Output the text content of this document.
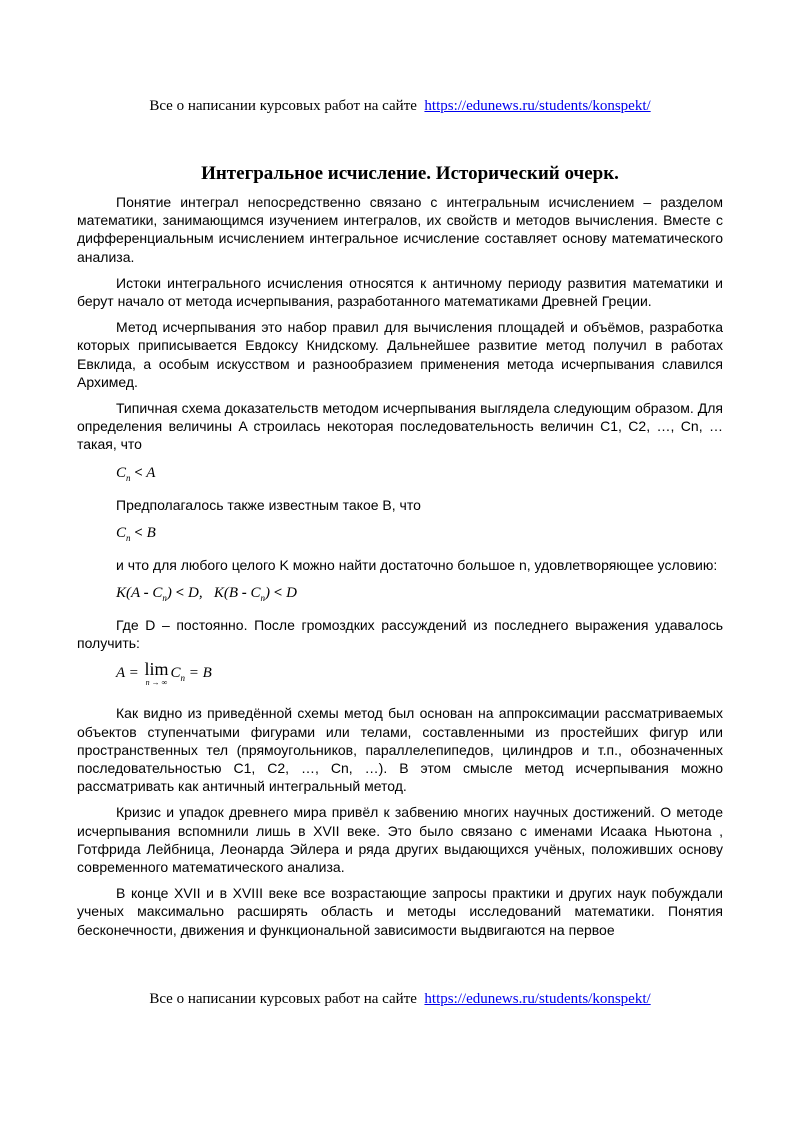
Все о написании курсовых работ на сайте https://edunews.ru/students/konspekt/
Интегральное исчисление. Исторический очерк.

Понятие интеграл непосредственно связано с интегральным исчислением – разделом математики, занимающимся изучением интегралов, их свойств и методов вычисления. Вместе с дифференциальным исчислением интегральное исчисление составляет основу математического анализа.

Истоки интегрального исчисления относятся к античному периоду развития математики и берут начало от метода исчерпывания, разработанного математиками Древней Греции.

Метод исчерпывания это набор правил для вычисления площадей и объёмов, разработка которых приписывается Евдоксу Книдскому. Дальнейшее развитие метод получил в работах Евклида, а особым искусством и разнообразием применения метода исчерпывания славился Архимед.

Типичная схема доказательств методом исчерпывания выглядела следующим образом. Для определения величины A строилась некоторая последовательность величин C1, C2, …, Cn, … такая, что

$C_n < A$

Предполагалось также известным такое B, что

$C_n < B$

и что для любого целого K можно найти достаточно большое n, удовлетворяющее условию:

$K(A - C_n) < D$,   $K(B - C_n) < D$

Где D – постоянно. После громоздких рассуждений из последнего выражения удавалось получить:

A = lim
n → ∞
$C_n = B$

Как видно из приведённой схемы метод был основан на аппроксимации рассматриваемых объектов ступенчатыми фигурами или телами, составленными из простейших фигур или пространственных тел (прямоугольников, параллелепипедов, цилиндров и т.п., обозначенных последовательностью C1, C2, …, Cn, …). В этом смысле метод исчерпывания можно рассматривать как античный интегральный метод.

Кризис и упадок древнего мира привёл к забвению многих научных достижений. О методе исчерпывания вспомнили лишь в XVII веке. Это было связано с именами Исаака Ньютона , Готфрида Лейбница, Леонарда Эйлера и ряда других выдающихся учёных, положивших основу современного математического анализа.

В конце XVII и в XVIII веке все возрастающие запросы практики и других наук побуждали ученых максимально расширять область и методы исследований математики. Понятия бесконечности, движения и функциональной зависимости выдвигаются на первое

Все о написании курсовых работ на сайте https://edunews.ru/students/konspekt/
